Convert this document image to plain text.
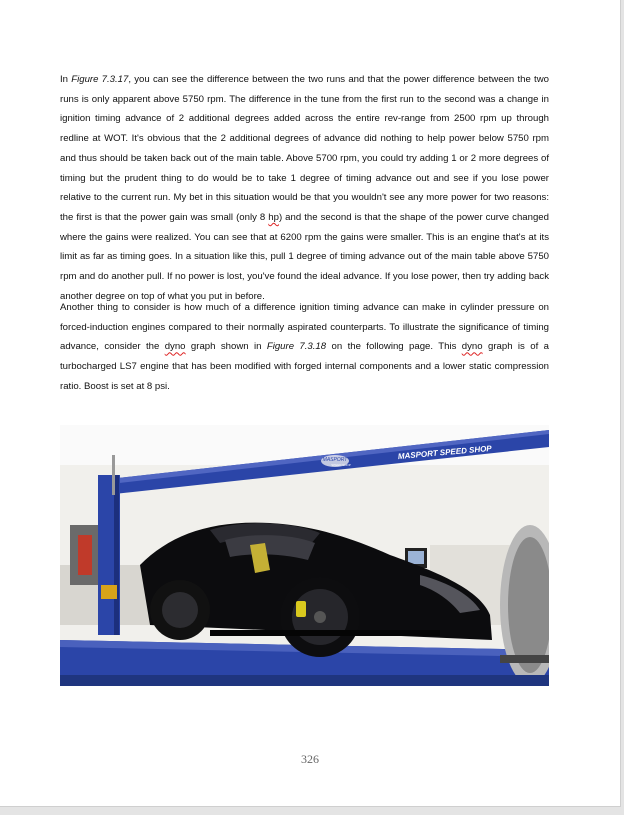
In Figure 7.3.17, you can see the difference between the two runs and that the power difference between the two runs is only apparent above 5750 rpm. The difference in the tune from the first run to the second was a change in ignition timing advance of 2 additional degrees added across the entire rev-range from 2500 rpm up through redline at WOT. It's obvious that the 2 additional degrees of advance did nothing to help power below 5750 rpm and thus should be taken back out of the main table. Above 5700 rpm, you could try adding 1 or 2 more degrees of timing but the prudent thing to do would be to take 1 degree of timing advance out and see if you lose power relative to the current run. My bet in this situation would be that you wouldn't see any more power for two reasons: the first is that the power gain was small (only 8 hp) and the second is that the shape of the power curve changed where the gains were realized. You can see that at 6200 rpm the gains were smaller. This is an engine that's at its limit as far as timing goes. In a situation like this, pull 1 degree of timing advance out of the main table above 5750 rpm and do another pull. If no power is lost, you've found the ideal advance. If you lose power, then try adding back another degree on top of what you put in before.

Another thing to consider is how much of a difference ignition timing advance can make in cylinder pressure on forced-induction engines compared to their normally aspirated counterparts. To illustrate the significance of timing advance, consider the dyno graph shown in Figure 7.3.18 on the following page. This dyno graph is of a turbocharged LS7 engine that has been modified with forged internal components and a lower static compression ratio. Boost is set at 8 psi.

MASPORT
SPEED SHOP
MASPORT SPEED SHOP
326
